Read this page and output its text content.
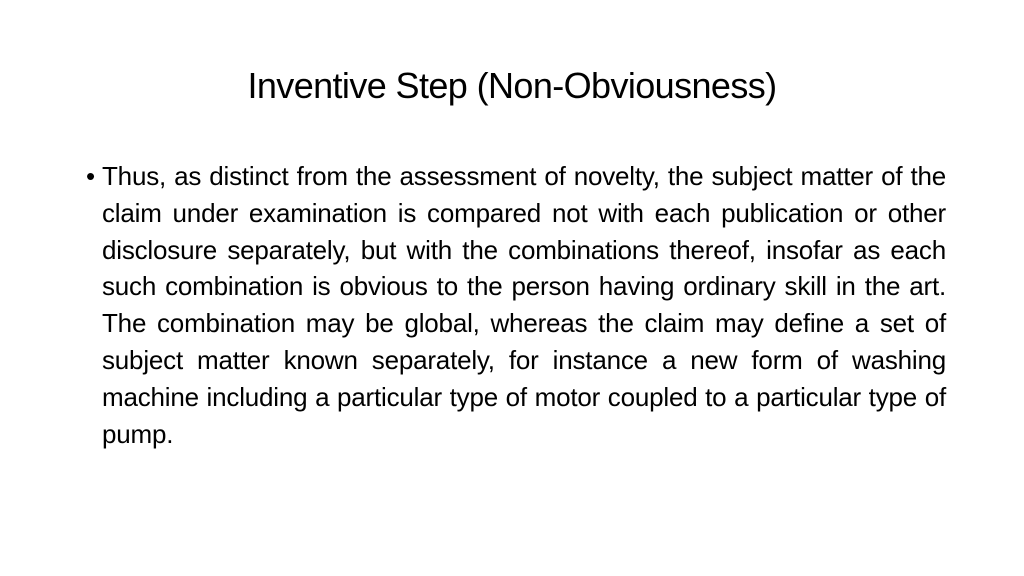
Inventive Step (Non-Obviousness)
• Thus, as distinct from the assessment of novelty, the subject matter of the claim under examination is compared not with each publication or other disclosure separately, but with the combinations thereof, insofar as each such combination is obvious to the person having ordinary skill in the art. The combination may be global, whereas the claim may define a set of subject matter known separately, for instance a new form of washing machine including a particular type of motor coupled to a particular type of pump.
